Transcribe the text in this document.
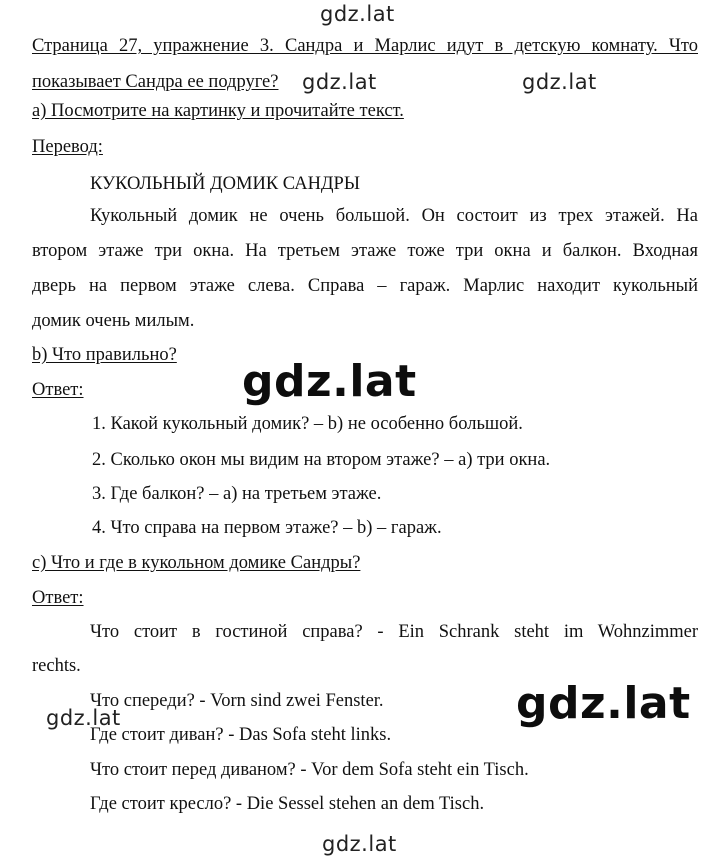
gdz.lat
gdz.lat	gdz.lat
gdz.lat
gdz.lat
gdz.lat
gdz.lat
Страница 27, упражнение 3. Сандра и Марлис идут в детскую комнату. Что
показывает Сандра ее подруге?
а) Посмотрите на картинку и прочитайте текст.
Перевод:
КУКОЛЬНЫЙ ДОМИК САНДРЫ
Кукольный домик не очень большой. Он состоит из трех этажей. На
втором этаже три окна. На третьем этаже тоже три окна и балкон. Входная
дверь на первом этаже слева. Справа – гараж. Марлис находит кукольный
домик очень милым.
b) Что правильно?
Ответ:
1. Какой кукольный домик? – b) не особенно большой.
2. Сколько окон мы видим на втором этаже? – а) три окна.
3. Где балкон? – а) на третьем этаже.
4. Что справа на первом этаже? – b) – гараж.
с) Что и где в кукольном домике Сандры?
Ответ:
Что стоит в гостиной справа? - Ein Schrank steht im Wohnzimmer
rechts.
Что спереди? - Vorn sind zwei Fenster.
Где стоит диван? - Das Sofa steht links.
Что стоит перед диваном? - Vor dem Sofa steht ein Tisch.
Где стоит кресло? - Die Sessel stehen an dem Tisch.
